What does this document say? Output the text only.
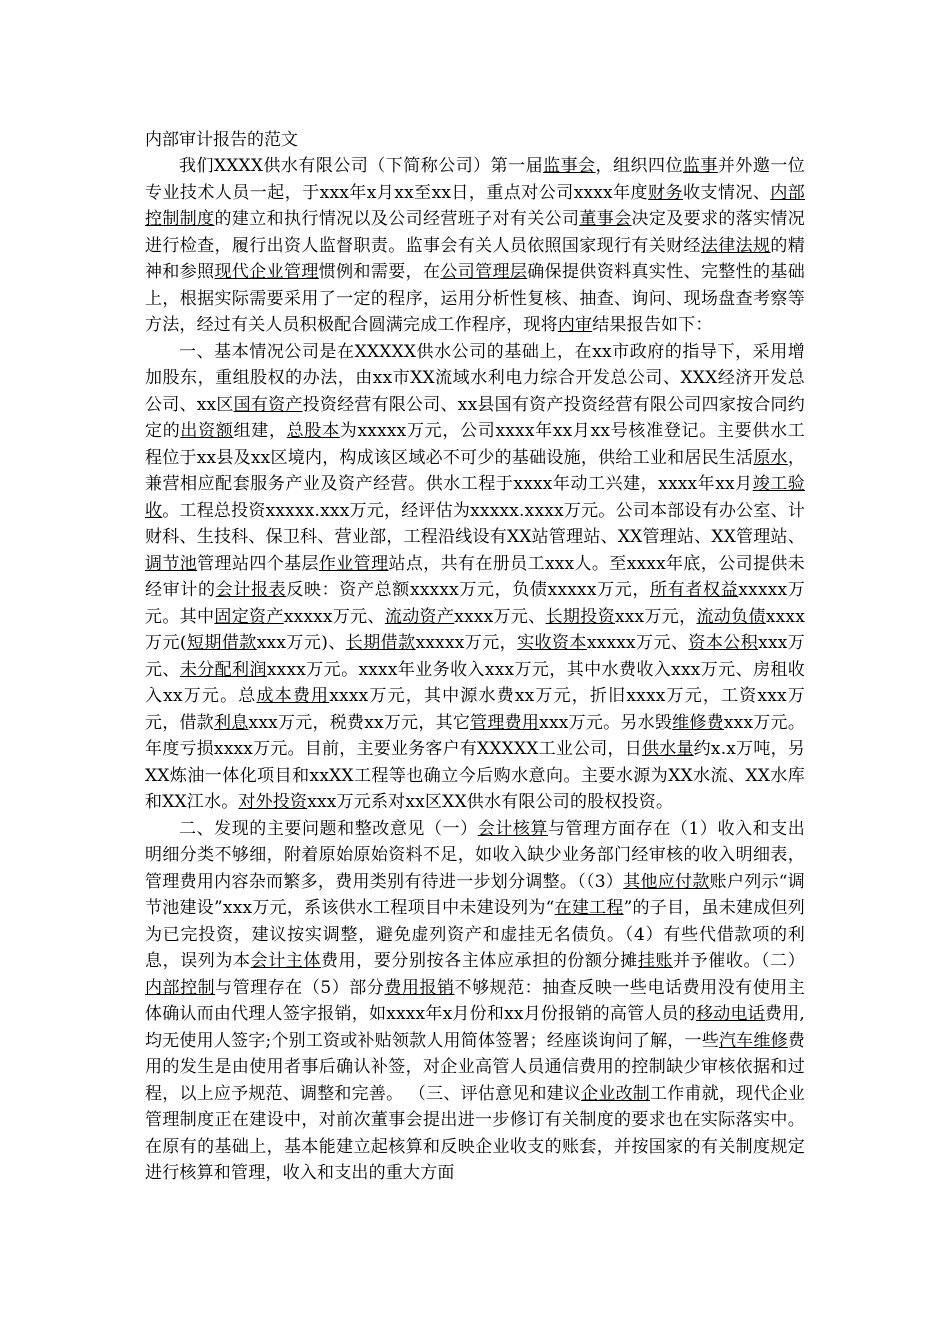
内部审计报告的范文

我们XXXX供水有限公司（下简称公司）第一届监事会，组织四位监事并外邀一位专业技术人员一起，于xxx年x月xx至xx日，重点对公司xxxx年度财务收支情况、内部控制制度的建立和执行情况以及公司经营班子对有关公司董事会决定及要求的落实情况进行检查，履行出资人监督职责。监事会有关人员依照国家现行有关财经法律法规的精神和参照现代企业管理惯例和需要，在公司管理层确保提供资料真实性、完整性的基础上，根据实际需要采用了一定的程序，运用分析性复核、抽查、询问、现场盘查考察等方法，经过有关人员积极配合圆满完成工作程序，现将内审结果报告如下：

一、基本情况公司是在XXXXX供水公司的基础上，在xx市政府的指导下，采用增加股东，重组股权的办法，由xx市XX流域水利电力综合开发总公司、XXX经济开发总公司、xx区国有资产投资经营有限公司、xx县国有资产投资经营有限公司四家按合同约定的出资额组建，总股本为xxxxx万元，公司xxxx年xx月xx号核准登记。主要供水工程位于xx县及xx区境内，构成该区域必不可少的基础设施，供给工业和居民生活原水，兼营相应配套服务产业及资产经营。供水工程于xxxx年动工兴建，xxxx年xx月竣工验收。工程总投资xxxxx.xxx万元，经评估为xxxxx.xxxx万元。公司本部设有办公室、计财科、生技科、保卫科、营业部，工程沿线设有XX站管理站、XX管理站、XX管理站、调节池管理站四个基层作业管理站点，共有在册员工xxx人。至xxxx年底，公司提供未经审计的会计报表反映：资产总额xxxxx万元，负债xxxxx万元，所有者权益xxxxx万元。其中固定资产xxxxx万元、流动资产xxxx万元、长期投资xxx万元，流动负债xxxx万元(短期借款xxx万元)、长期借款xxxxx万元，实收资本xxxxx万元、资本公积xxx万元、未分配利润xxxx万元。xxxx年业务收入xxx万元，其中水费收入xxx万元、房租收入xx万元。总成本费用xxxx万元，其中源水费xx万元，折旧xxxx万元，工资xxx万元，借款利息xxx万元，税费xx万元，其它管理费用xxx万元。另水毁维修费xxx万元。年度亏损xxxx万元。目前，主要业务客户有XXXXX工业公司，日供水量约x.x万吨，另XX炼油一体化项目和xxXX工程等也确立今后购水意向。主要水源为XX水流、XX水库和XX江水。对外投资xxx万元系对xx区XX供水有限公司的股权投资。

二、发现的主要问题和整改意见（一）会计核算与管理方面存在（1）收入和支出明细分类不够细，附着原始原始资料不足，如收入缺少业务部门经审核的收入明细表，管理费用内容杂而繁多，费用类别有待进一步划分调整。（（3）其他应付款账户列示“调节池建设”xxx万元，系该供水工程项目中未建设列为“在建工程”的子目，虽未建成但列为已完投资，建议按实调整，避免虚列资产和虚挂无名债负。（4）有些代借款项的利息，误列为本会计主体费用，要分别按各主体应承担的份额分摊挂账并予催收。（二）内部控制与管理存在（5）部分费用报销不够规范：抽查反映一些电话费用没有使用主体确认而由代理人签字报销，如xxxx年x月份和xx月份报销的高管人员的移动电话费用,均无使用人签字;个别工资或补贴领款人用简体签署；经座谈询问了解，一些汽车维修费用的发生是由使用者事后确认补签，对企业高管人员通信费用的控制缺少审核依据和过程，以上应予规范、调整和完善。 （三、评估意见和建议企业改制工作甫就，现代企业管理制度正在建设中，对前次董事会提出进一步修订有关制度的要求也在实际落实中。在原有的基础上，基本能建立起核算和反映企业收支的账套，并按国家的有关制度规定进行核算和管理，收入和支出的重大方面
